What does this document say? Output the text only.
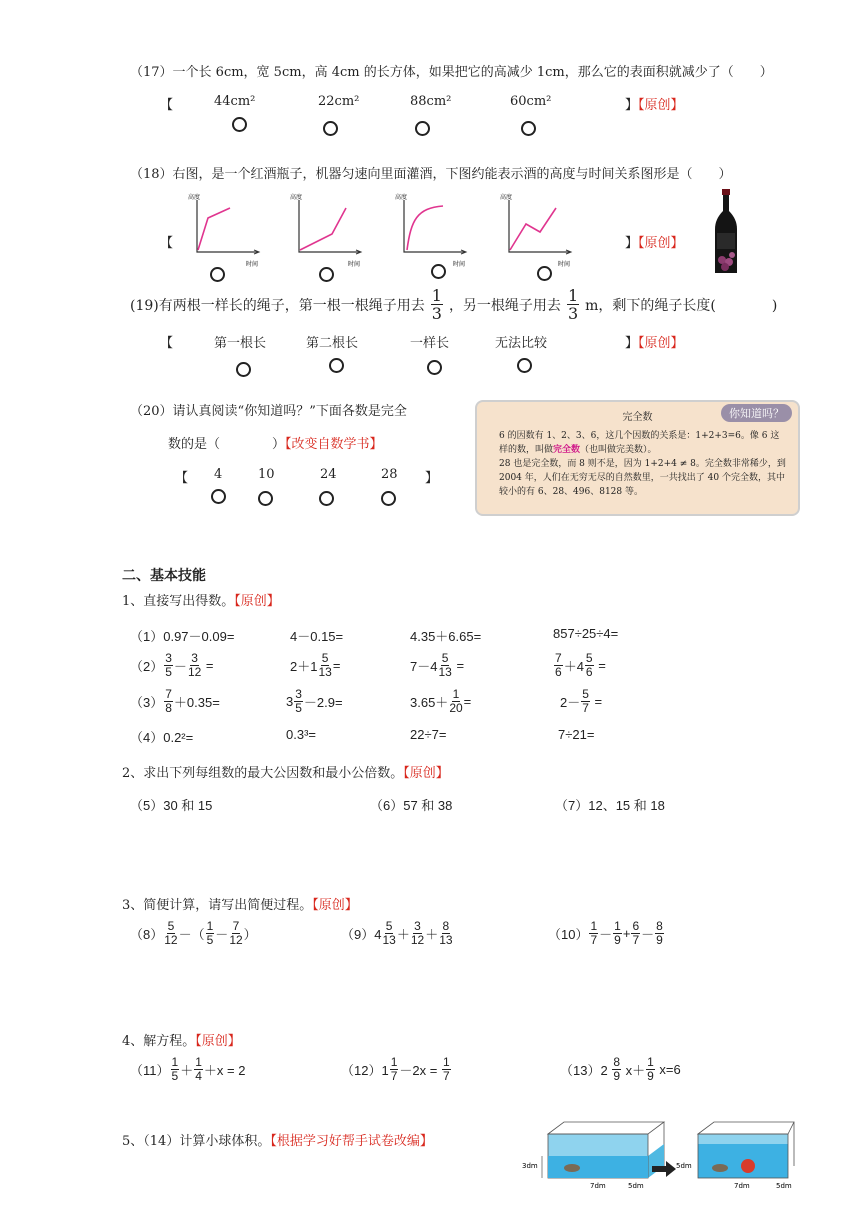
（17）一个长 6cm，宽 5cm，高 4cm 的长方体，如果把它的高减少 1cm，那么它的表面积就减少了（　　）
【	44cm²	22cm²	88cm²	60cm²	】【原创】
（18）右图，是一个红酒瓶子，机器匀速向里面灌酒，下图约能表示酒的高度与时间关系图形是（　　）
【
高度
时间
高度
时间
高度
时间
高度
时间
】【原创】
(19)有两根一样长的绳子，第一根一根绳子用去 $\frac{1}{3}$ ，另一根绳子用去 $\frac{1}{3}$ m，剩下的绳子长度(　　　　)
【	第一根长	第二根长	一样长	无法比较	】【原创】
（20）请认真阅读“你知道吗？”下面各数是完全
数的是（　　　　）【改变自数学书】
【 4	10	24	28 】
你知道吗？
完全数
6 的因数有 1、2、3、6，这几个因数的关系是：1+2+3=6。像 6 这样的数，叫做完全数（也叫做完美数）。
28 也是完全数，而 8 则不是，因为 1+2+4 ≠ 8。完全数非常稀少，到 2004 年，人们在无穷无尽的自然数里，一共找出了 40 个完全数，其中较小的有 6、28、496、8128 等。
二、基本技能
1、直接写出得数。【原创】
（1）0.97－0.09=	4－0.15=	4.35＋6.65=	857÷25÷4=
$(2) \frac{3}{5} - \frac{3}{12}$ =	$2+1 \frac{5}{13}$ =	$7-4 \frac{5}{13}$ =	$\frac{7}{6} +4 \frac{5}{6}$ =
$(3) \frac{7}{8} +0.35=$	$3 \frac{3}{5} -2.9=$	$3.65+ \frac{1}{20}$ =	$2- \frac{5}{7}$ =
（4）0.2²=	0.3³=	22÷7=	7÷21=
2、求出下列每组数的最大公因数和最小公倍数。【原创】
（5）30 和 15	（6）57 和 38	（7）12、15 和 18
3、简便计算，请写出简便过程。【原创】
$(8) \frac{5}{12}$ －（ $\frac{1}{5} - \frac{7}{12}$ ）	$(9)4 \frac{5}{13} + \frac{3}{12} + \frac{8}{13}$	$(10) \frac{1}{7} - \frac{1}{9} + \frac{6}{7} - \frac{8}{9}$
4、解方程。【原创】
$(11) \frac{1}{5} + \frac{1}{4} +x = 2$	$(12)1 \frac{1}{7} -2x = \frac{1}{7}$	$(13)2 \frac{8}{9} x+ \frac{1}{9} x=6$
5、（14）计算小球体积。【根据学习好帮手试卷改编】
3dm
7dm	5dm
5dm
7dm	5dm
